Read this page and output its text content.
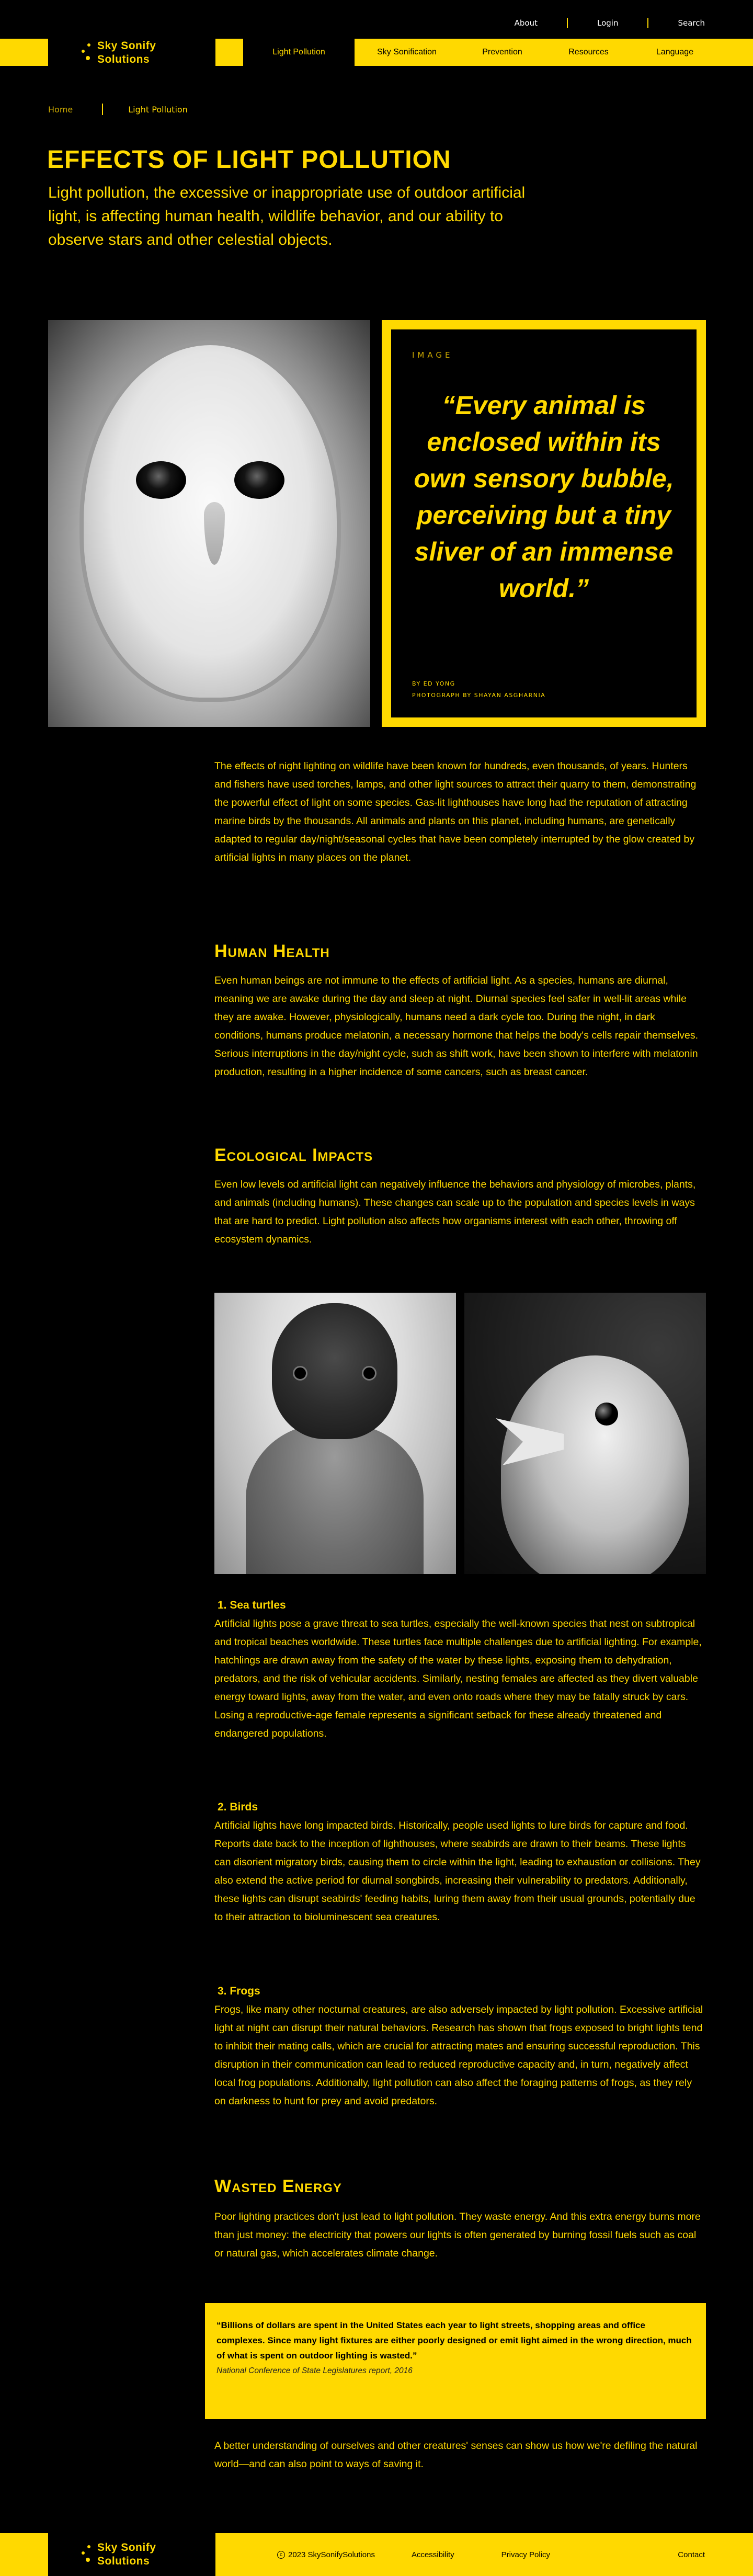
About	Login	Search
Sky Sonify
Solutions
Light Pollution	Sky Sonification	Prevention	Resources	Language
Home	Light Pollution
EFFECTS OF LIGHT POLLUTION

Light pollution, the excessive or inappropriate use of outdoor artificial light, is affecting human health, wildlife behavior, and our ability to observe stars and other celestial objects.

IMAGE
“Every animal is enclosed within its own sensory bubble, perceiving but a tiny sliver of an immense world.”
BY ED YONG
PHOTOGRAPH BY SHAYAN ASGHARNIA

The effects of night lighting on wildlife have been known for hundreds, even thousands, of years. Hunters and fishers have used torches, lamps, and other light sources to attract their quarry to them, demonstrating the powerful effect of light on some species. Gas-lit lighthouses have long had the reputation of attracting marine birds by the thousands. All animals and plants on this planet, including humans, are genetically adapted to regular day/night/seasonal cycles that have been completely interrupted by the glow created by artificial lights in many places on the planet.

Human Health

Even human beings are not immune to the effects of artificial light. As a species, humans are diurnal, meaning we are awake during the day and sleep at night. Diurnal species feel safer in well-lit areas while they are awake. However, physiologically, humans need a dark cycle too. During the night, in dark conditions, humans produce melatonin, a necessary hormone that helps the body's cells repair themselves. Serious interruptions in the day/night cycle, such as shift work, have been shown to interfere with melatonin production, resulting in a higher incidence of some cancers, such as breast cancer.

Ecological Impacts

Even low levels od artificial light can negatively influence the behaviors and physiology of microbes, plants, and animals (including humans). These changes can scale up to the population and species levels in ways that are hard to predict. Light pollution also affects how organisms interest with each other, throwing off ecosystem dynamics.

1. Sea turtles

Artificial lights pose a grave threat to sea turtles, especially the well-known species that nest on subtropical and tropical beaches worldwide. These turtles face multiple challenges due to artificial lighting. For example, hatchlings are drawn away from the safety of the water by these lights, exposing them to dehydration, predators, and the risk of vehicular accidents. Similarly, nesting females are affected as they divert valuable energy toward lights, away from the water, and even onto roads where they may be fatally struck by cars. Losing a reproductive-age female represents a significant setback for these already threatened and endangered populations.

2. Birds

Artificial lights have long impacted birds. Historically, people used lights to lure birds for capture and food. Reports date back to the inception of lighthouses, where seabirds are drawn to their beams. These lights can disorient migratory birds, causing them to circle within the light, leading to exhaustion or collisions. They also extend the active period for diurnal songbirds, increasing their vulnerability to predators. Additionally, these lights can disrupt seabirds' feeding habits, luring them away from their usual grounds, potentially due to their attraction to bioluminescent sea creatures.

3. Frogs

Frogs, like many other nocturnal creatures, are also adversely impacted by light pollution. Excessive artificial light at night can disrupt their natural behaviors. Research has shown that frogs exposed to bright lights tend to inhibit their mating calls, which are crucial for attracting mates and ensuring successful reproduction. This disruption in their communication can lead to reduced reproductive capacity and, in turn, negatively affect local frog populations. Additionally, light pollution can also affect the foraging patterns of frogs, as they rely on darkness to hunt for prey and avoid predators.

Wasted Energy

Poor lighting practices don't just lead to light pollution. They waste energy. And this extra energy burns more than just money: the electricity that powers our lights is often generated by burning fossil fuels such as coal or natural gas, which accelerates climate change.

“Billions of dollars are spent in the United States each year to light streets, shopping areas and office complexes. Since many light fixtures are either poorly designed or emit light aimed in the wrong direction, much of what is spent on outdoor lighting is wasted.”
National Conference of State Legislatures report, 2016

A better understanding of ourselves and other creatures' senses can show us how we're defiling the natural world—and can also point to ways of saving it.

Sky Sonify
Solutions
c 2023 SkySonifySolutions	Accessibility	Privacy Policy	Contact
